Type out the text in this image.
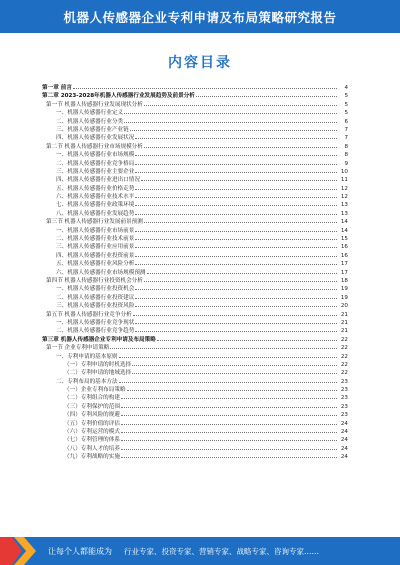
机器人传感器企业专利申请及布局策略研究报告
内容目录
第一章 前言	4
第二章 2023-2028年机器人传感器行业发展趋势及前景分析	5
第一节 机器人传感器行业发展现状分析	5
一、机器人传感器行业定义	5
二、机器人传感器行业分类	6
三、机器人传感器行业产业链	7
四、机器人传感器行业发展状况	7
第二节 机器人传感器行业市场规模分析	8
一、机器人传感器行业市场规模	8
二、机器人传感器行业竞争格局	9
三、机器人传感器行业主要企业	10
四、机器人传感器行业进出口情况	11
五、机器人传感器行业价格走势	12
六、机器人传感器行业技术水平	12
七、机器人传感器行业政策环境	13
八、机器人传感器行业发展趋势	13
第三节 机器人传感器行业发展前景预测	14
一、机器人传感器行业市场前景	14
二、机器人传感器行业技术前景	15
三、机器人传感器行业应用前景	16
四、机器人传感器行业投资前景	16
五、机器人传感器行业风险分析	17
六、机器人传感器行业市场规模预测	17
第四节 机器人传感器行业投资机会分析	18
一、机器人传感器行业投资机会	19
二、机器人传感器行业投资建议	19
三、机器人传感器行业投资风险	20
第五节 机器人传感器行业竞争分析	21
一、机器人传感器行业竞争现状	21
二、机器人传感器行业竞争趋势	21
第三章 机器人传感器企业专利申请及布局策略	22
第一节 企业专利申请策略	22
一、专利申请的基本原则	22
（一）专利申请的时机选择	22
（二）专利申请的地域选择	22
二、专利布局的基本方法	23
（一）企业专利布局策略	23
（二）专利组合的构建	23
（三）专利保护的范围	23
（四）专利风险的规避	23
（五）专利价值的评估	24
（六）专利运营的模式	24
（七）专利管理的体系	24
（八）专利人才的培养	24
（九）专利战略的实施	24
让每个人都能成为 行业专家、投资专家、营销专家、战略专家、咨询专家……
